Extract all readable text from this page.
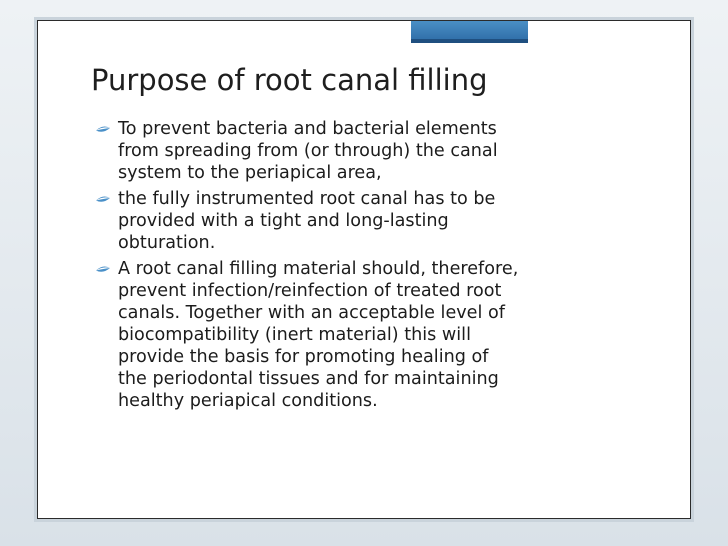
Purpose of root canal filling
To prevent bacteria and bacterial elements
from spreading from (or through) the canal
system to the periapical area,
the fully instrumented root canal has to be
provided with a tight and long-lasting
obturation.
A root canal filling material should, therefore,
prevent infection/reinfection of treated root
canals. Together with an acceptable level of
biocompatibility (inert material) this will
provide the basis for promoting healing of
the periodontal tissues and for maintaining
healthy periapical conditions.
